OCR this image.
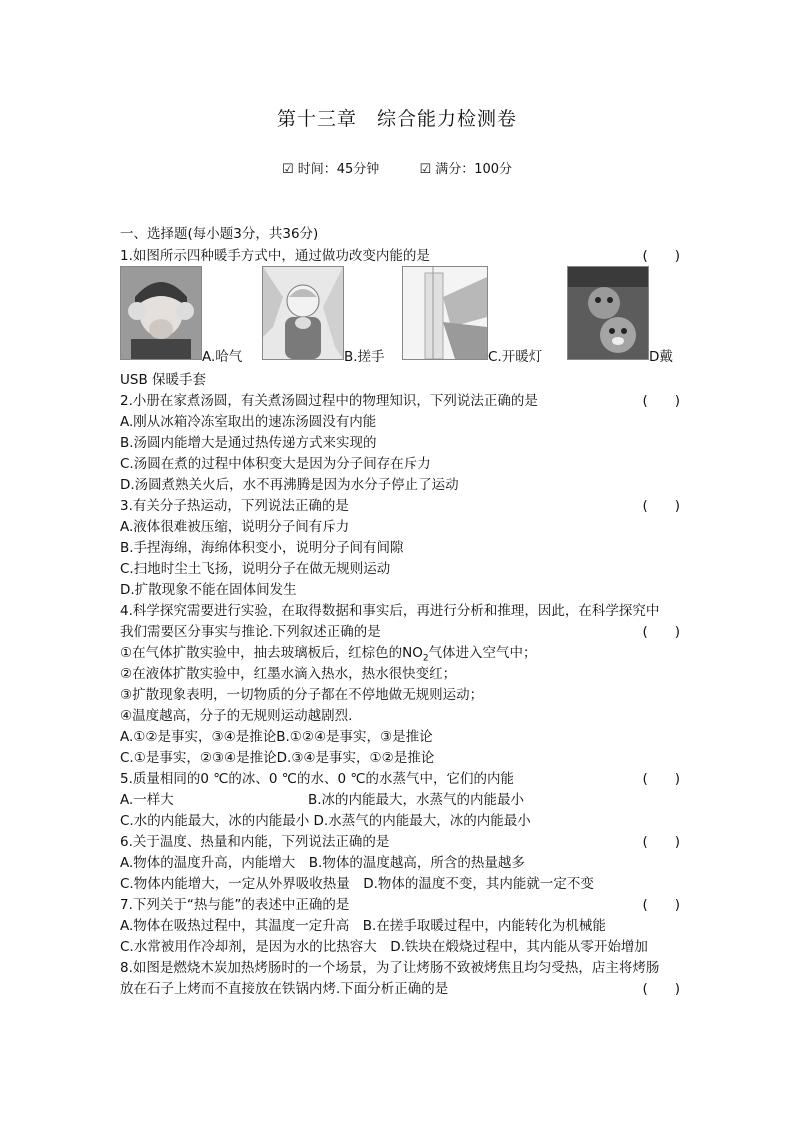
第十三章　综合能力检测卷
☑ 时间：45分钟	☑ 满分：100分
一、选择题(每小题3分，共36分)
1.如图所示四种暖手方式中，通过做功改变内能的是	(　　)
A.哈气	B.搓手	C.开暖灯	D戴
USB 保暖手套
2.小册在家煮汤圆，有关煮汤圆过程中的物理知识，下列说法正确的是	(　　)
A.刚从冰箱冷冻室取出的速冻汤圆没有内能
B.汤圆内能增大是通过热传递方式来实现的
C.汤圆在煮的过程中体积变大是因为分子间存在斥力
D.汤圆煮熟关火后，水不再沸腾是因为水分子停止了运动
3.有关分子热运动，下列说法正确的是	(　　)
A.液体很难被压缩，说明分子间有斥力
B.手捏海绵，海绵体积变小，说明分子间有间隙
C.扫地时尘土飞扬，说明分子在做无规则运动
D.扩散现象不能在固体间发生
4.科学探究需要进行实验，在取得数据和事实后，再进行分析和推理，因此，在科学探究中
我们需要区分事实与推论.下列叙述正确的是	(　　)
①在气体扩散实验中，抽去玻璃板后，红棕色的$NO_2$气体进入空气中；
②在液体扩散实验中，红墨水滴入热水，热水很快变红；
③扩散现象表明，一切物质的分子都在不停地做无规则运动；
④温度越高，分子的无规则运动越剧烈.
A.①②是事实，③④是推论B.①②④是事实，③是推论
C.①是事实，②③④是推论D.③④是事实，①②是推论
5.质量相同的0 ℃的冰、0 ℃的水、0 ℃的水蒸气中，它们的内能	(　　)
A.一样大	B.冰的内能最大，水蒸气的内能最小
C.水的内能最大，冰的内能最小 D.水蒸气的内能最大，冰的内能最小
6.关于温度、热量和内能，下列说法正确的是	(　　)
A.物体的温度升高，内能增大　B.物体的温度越高，所含的热量越多
C.物体内能增大，一定从外界吸收热量　D.物体的温度不变，其内能就一定不变
7.下列关于“热与能”的表述中正确的是	(　　)
A.物体在吸热过程中，其温度一定升高　B.在搓手取暖过程中，内能转化为机械能
C.水常被用作冷却剂，是因为水的比热容大　D.铁块在煅烧过程中，其内能从零开始增加
8.如图是燃烧木炭加热烤肠时的一个场景，为了让烤肠不致被烤焦且均匀受热，店主将烤肠
放在石子上烤而不直接放在铁锅内烤.下面分析正确的是	(　　)
